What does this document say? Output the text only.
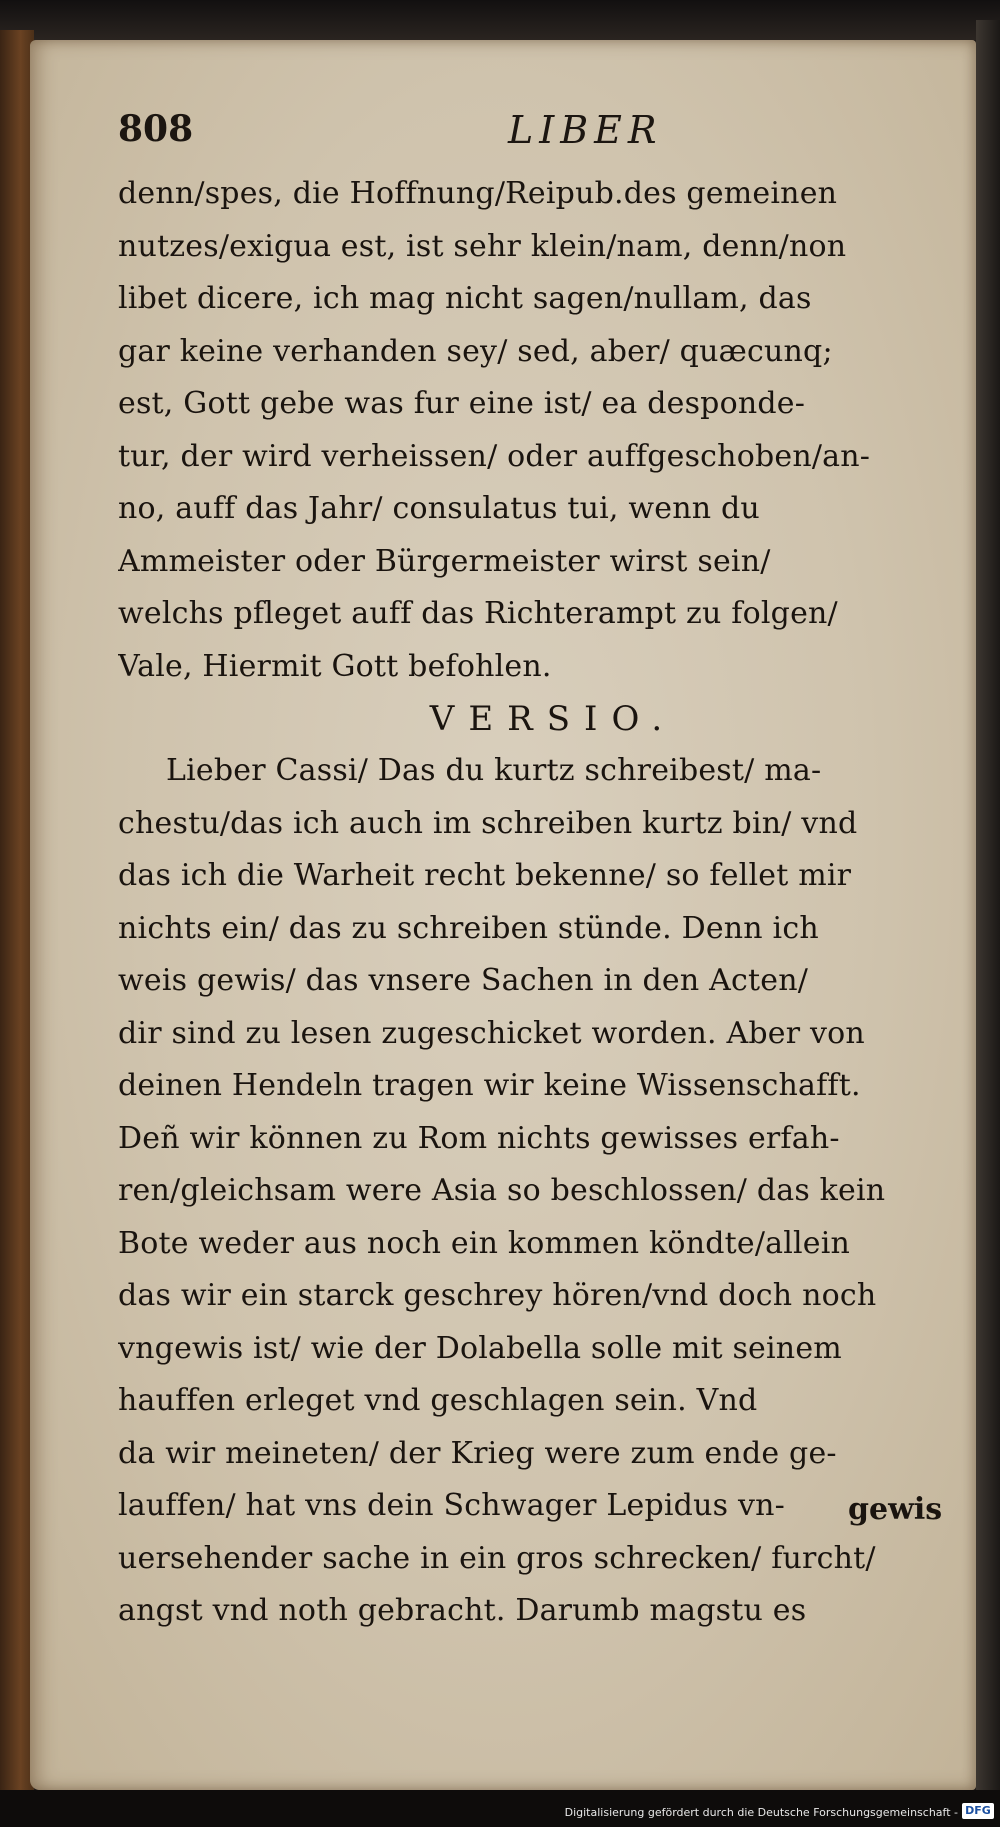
808	LIBER
denn/spes, die Hoffnung/Reipub.des gemeinen
nutzes/exigua est, ist sehr klein/nam, denn/non
libet dicere, ich mag nicht sagen/nullam, das
gar keine verhanden sey/ sed, aber/ quæcunq;
est, Gott gebe was fur eine ist/ ea desponde-
tur, der wird verheissen/ oder auffgeschoben/an-
no, auff das Jahr/ consulatus tui, wenn du
Ammeister oder Bürgermeister wirst sein/
welchs pfleget auff das Richterampt zu folgen/
Vale, Hiermit Gott befohlen.
VERSIO.
Lieber Cassi/ Das du kurtz schreibest/ ma-
chestu/das ich auch im schreiben kurtz bin/ vnd
das ich die Warheit recht bekenne/ so fellet mir
nichts ein/ das zu schreiben stünde. Denn ich
weis gewis/ das vnsere Sachen in den Acten/
dir sind zu lesen zugeschicket worden. Aber von
deinen Hendeln tragen wir keine Wissenschafft.
Deñ wir können zu Rom nichts gewisses erfah-
ren/gleichsam were Asia so beschlossen/ das kein
Bote weder aus noch ein kommen köndte/allein
das wir ein starck geschrey hören/vnd doch noch
vngewis ist/ wie der Dolabella solle mit seinem
hauffen erleget vnd geschlagen sein. Vnd
da wir meineten/ der Krieg were zum ende ge-
lauffen/ hat vns dein Schwager Lepidus vn-
uersehender sache in ein gros schrecken/ furcht/
angst vnd noth gebracht. Darumb magstu es
gewis
Digitalisierung gefördert durch die Deutsche Forschungsgemeinschaft - DFG
